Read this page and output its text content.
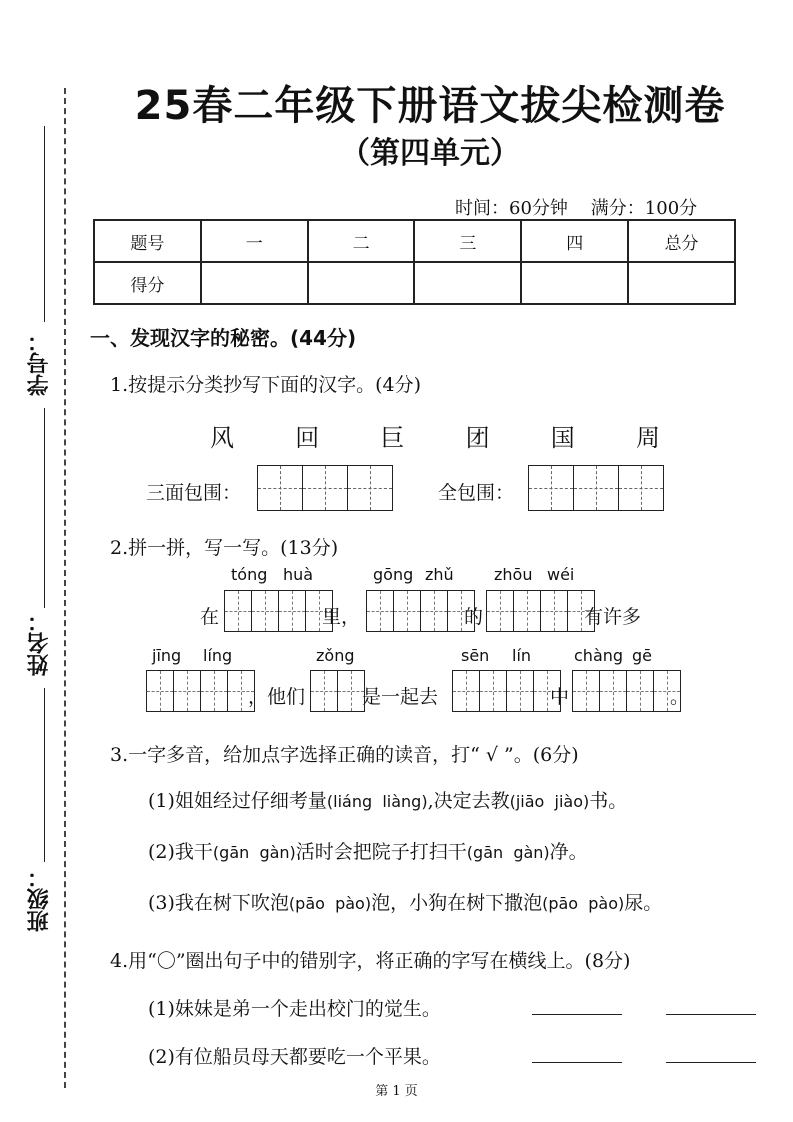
学号：
姓名：
班级：
25春二年级下册语文拔尖检测卷
（第四单元）
时间：60分钟 满分：100分
题号	一	二	三	四	总分
得分					
一、发现汉字的秘密。(44分)
1.按提示分类抄写下面的汉字。(4分)
风	回	巨	团	国	周
三面包围：	全包围：
2.拼一拼，写一写。(13分)
tóng huà	gōng zhǔ	zhōu wéi
在	里，	的	有许多
jīng líng	zǒng	sēn lín	chàng gē
，他们	是一起去	中	。
3.一字多音，给加点字选择正确的读音，打“ √ ”。(6分)
(1)姐姐经过仔细考量(liáng  liàng),决定去教(jiāo  jiào)书。
(2)我干(gān  gàn)活时会把院子打扫干(gān  gàn)净。
(3)我在树下吹泡(pāo  pào)泡，小狗在树下撒泡(pāo  pào)尿。
4.用“〇”圈出句子中的错别字，将正确的字写在横线上。(8分)
(1)妹妹是弟一个走出校门的觉生。
(2)有位船员母天都要吃一个平果。
第 1 页
